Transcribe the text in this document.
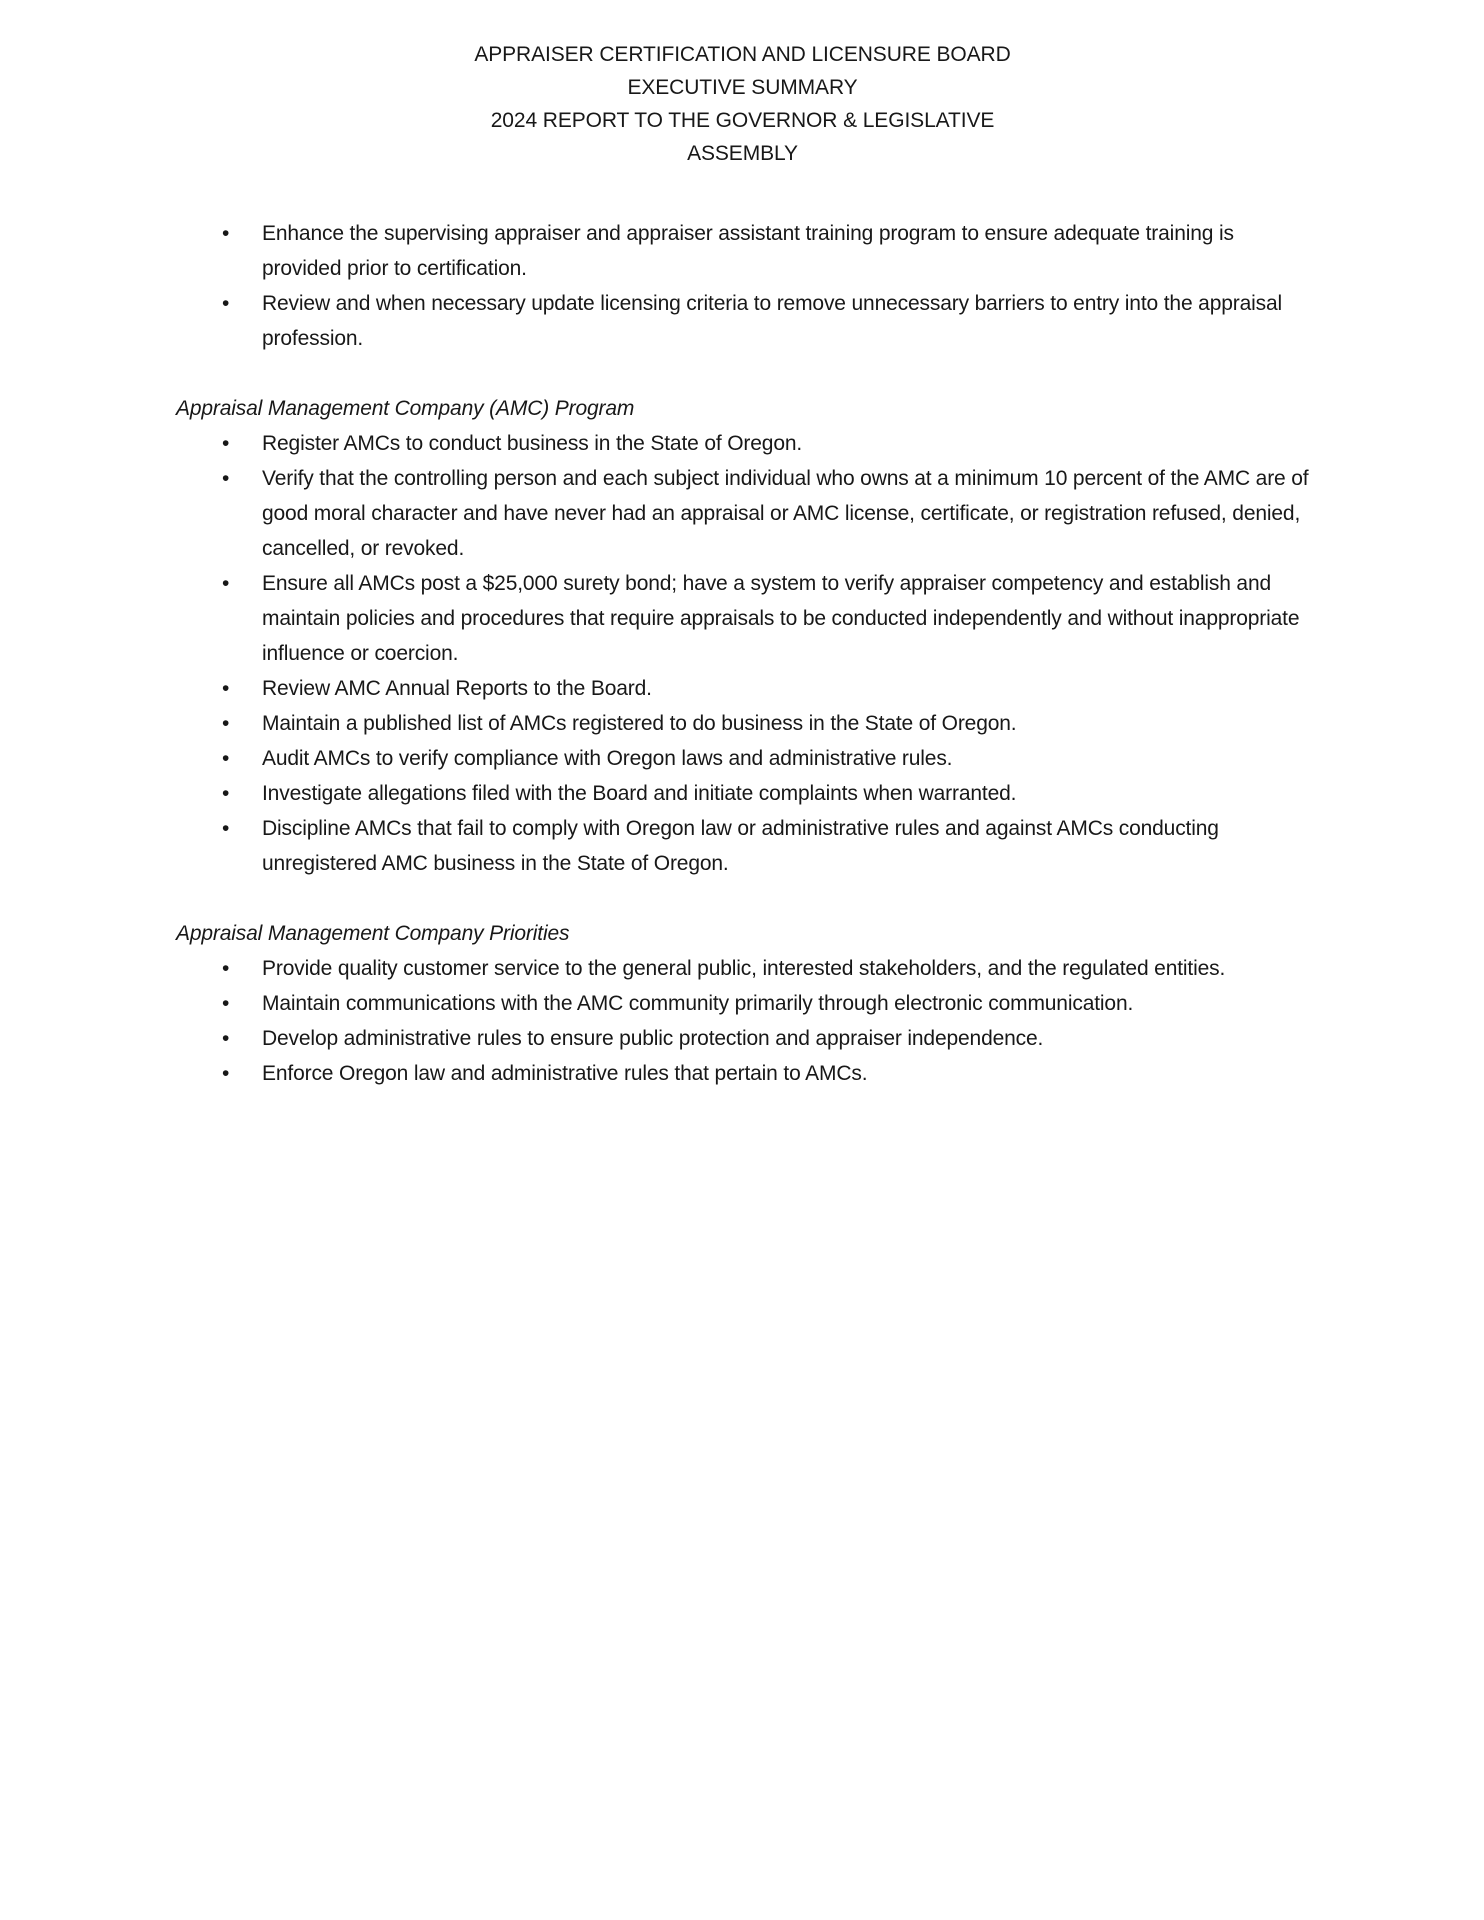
APPRAISER CERTIFICATION AND LICENSURE BOARD
EXECUTIVE SUMMARY
2024 REPORT TO THE GOVERNOR & LEGISLATIVE
ASSEMBLY
• Enhance the supervising appraiser and appraiser assistant training program to ensure adequate training is provided prior to certification.
• Review and when necessary update licensing criteria to remove unnecessary barriers to entry into the appraisal profession.
Appraisal Management Company (AMC) Program
• Register AMCs to conduct business in the State of Oregon.
• Verify that the controlling person and each subject individual who owns at a minimum 10 percent of the AMC are of good moral character and have never had an appraisal or AMC license, certificate, or registration refused, denied, cancelled, or revoked.
• Ensure all AMCs post a $25,000 surety bond; have a system to verify appraiser competency and establish and maintain policies and procedures that require appraisals to be conducted independently and without inappropriate influence or coercion.
• Review AMC Annual Reports to the Board.
• Maintain a published list of AMCs registered to do business in the State of Oregon.
• Audit AMCs to verify compliance with Oregon laws and administrative rules.
• Investigate allegations filed with the Board and initiate complaints when warranted.
• Discipline AMCs that fail to comply with Oregon law or administrative rules and against AMCs conducting unregistered AMC business in the State of Oregon.
Appraisal Management Company Priorities
• Provide quality customer service to the general public, interested stakeholders, and the regulated entities.
• Maintain communications with the AMC community primarily through electronic communication.
• Develop administrative rules to ensure public protection and appraiser independence.
• Enforce Oregon law and administrative rules that pertain to AMCs.
